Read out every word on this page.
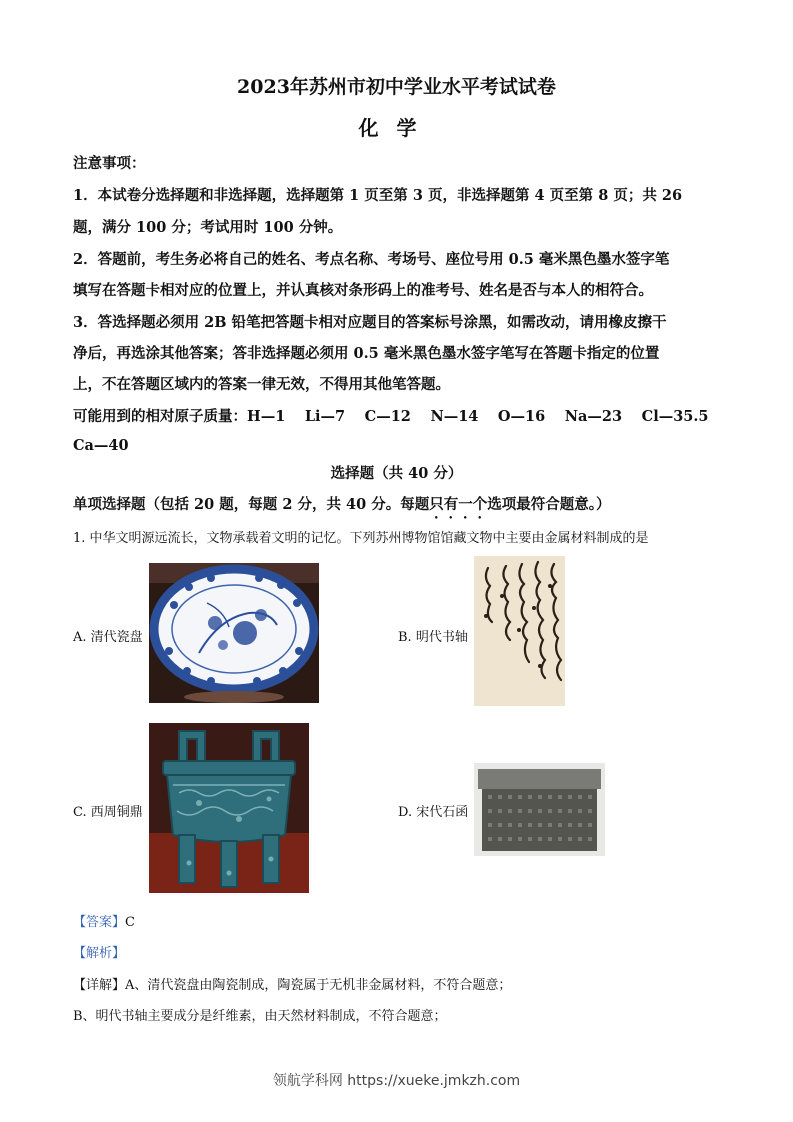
2023年苏州市初中学业水平考试试卷
化学
注意事项：
1．本试卷分选择题和非选择题，选择题第 1 页至第 3 页，非选择题第 4 页至第 8 页；共 26
题，满分 100 分；考试用时 100 分钟。
2．答题前，考生务必将自己的姓名、考点名称、考场号、座位号用 0.5 毫米黑色墨水签字笔
填写在答题卡相对应的位置上，并认真核对条形码上的准考号、姓名是否与本人的相符合。
3．答选择题必须用 2B 铅笔把答题卡相对应题目的答案标号涂黑，如需改动，请用橡皮擦干
净后，再选涂其他答案；答非选择题必须用 0.5 毫米黑色墨水签字笔写在答题卡指定的位置
上，不在答题区域内的答案一律无效，不得用其他笔答题。
可能用到的相对原子质量：H—1　 Li—7　 C—12　 N—14　 O—16　 Na—23　 Cl—35.5
Ca—40
选择题（共 40 分）
单项选择题（包括 20 题，每题 2 分，共 40 分。每题只有一个选项最符合题意。）
1. 中华文明源远流长，文物承载着文明的记忆。下列苏州博物馆馆藏文物中主要由金属材料制成的是
A. 清代瓷盘	B. 明代书轴
C. 西周铜鼎	D. 宋代石函
【答案】C
【解析】
【详解】A、清代瓷盘由陶瓷制成，陶瓷属于无机非金属材料，不符合题意；
B、明代书轴主要成分是纤维素，由天然材料制成，不符合题意；
领航学科网 https://xueke.jmkzh.com
